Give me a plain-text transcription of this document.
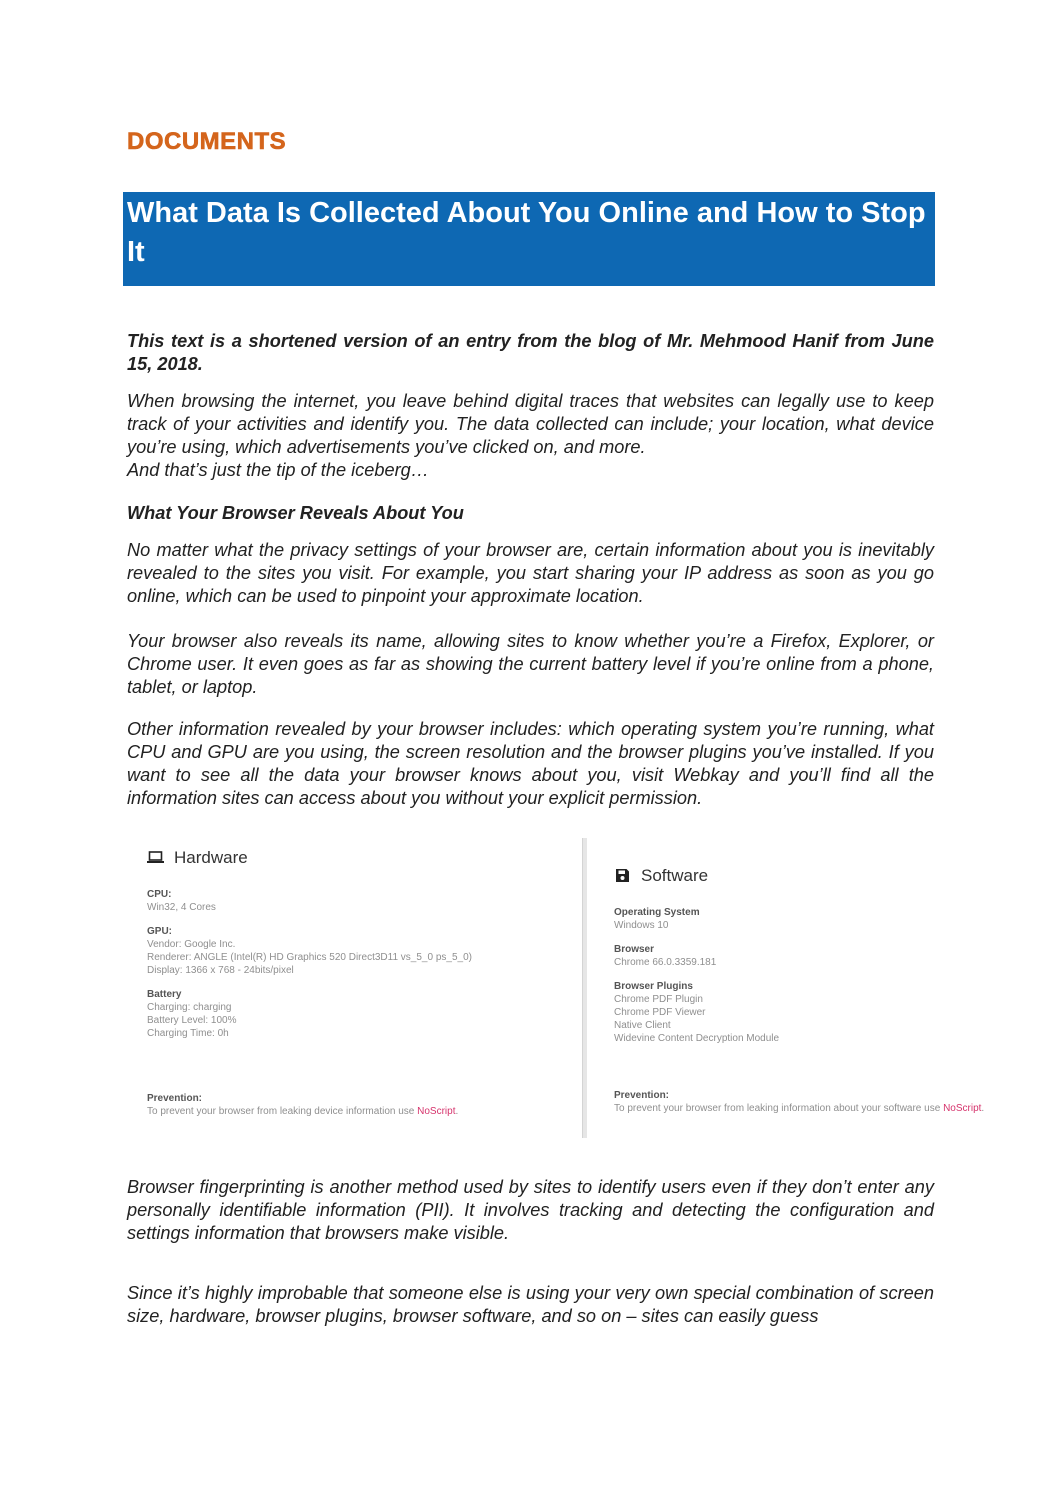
DOCUMENTS
What Data Is Collected About You Online and How to Stop It

This text is a shortened version of an entry from the blog of Mr. Mehmood Hanif from June 15, 2018.

When browsing the internet, you leave behind digital traces that websites can legally use to keep track of your activities and identify you. The data collected can include; your location, what device you’re using, which advertisements you’ve clicked on, and more.

And that’s just the tip of the iceberg…

What Your Browser Reveals About You

No matter what the privacy settings of your browser are, certain information about you is inevitably revealed to the sites you visit. For example, you start sharing your IP address as soon as you go online, which can be used to pinpoint your approximate location.

Your browser also reveals its name, allowing sites to know whether you’re a Firefox, Explorer, or Chrome user. It even goes as far as showing the current battery level if you’re online from a phone, tablet, or laptop.

Other information revealed by your browser includes: which operating system you’re running, what CPU and GPU are you using, the screen resolution and the browser plugins you’ve installed. If you want to see all the data your browser knows about you, visit Webkay and you’ll find all the information sites can access about you without your explicit permission.

Hardware
CPU:
Win32, 4 Cores
GPU:
Vendor: Google Inc.
Renderer: ANGLE (Intel(R) HD Graphics 520 Direct3D11 vs_5_0 ps_5_0)
Display: 1366 x 768 - 24bits/pixel
Battery
Charging: charging
Battery Level: 100%
Charging Time: 0h
Prevention:
To prevent your browser from leaking device information use NoScript.
Software
Operating System
Windows 10
Browser
Chrome 66.0.3359.181
Browser Plugins
Chrome PDF Plugin
Chrome PDF Viewer
Native Client
Widevine Content Decryption Module
Prevention:
To prevent your browser from leaking information about your software use NoScript.

Browser fingerprinting is another method used by sites to identify users even if they don’t enter any personally identifiable information (PII). It involves tracking and detecting the configuration and settings information that browsers make visible.

Since it’s highly improbable that someone else is using your very own special combination of screen size, hardware, browser plugins, browser software, and so on – sites can easily guess
